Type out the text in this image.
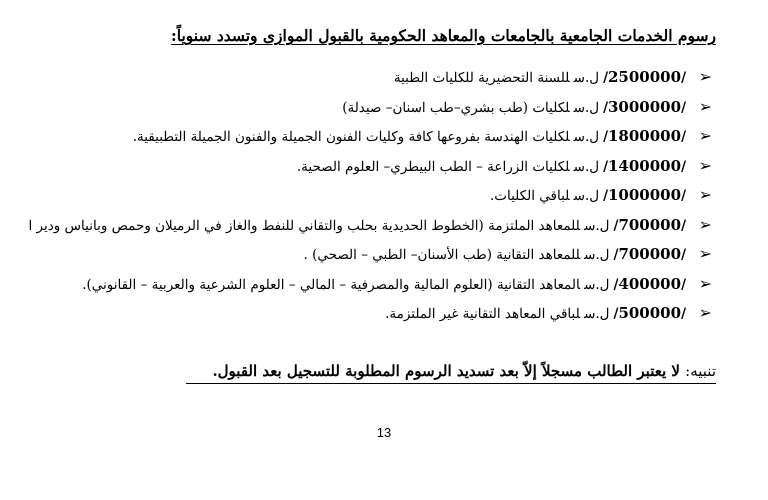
رسوم الخدمات الجامعية بالجامعات والمعاهد الحكومية بالقبول الموازى وتسدد سنوياً:
➢
/2500000/ل.سللسنة التحضيرية للكليات الطبية
➢
/3000000/ل.سلكليات (طب بشري–طب اسنان– صيدلة)
➢
/1800000/ل.سلكليات الهندسة بفروعها كافة وكليات الفنون الجميلة والفنون الجميلة التطبيقية.
➢
/1400000/ل.سلكليات الزراعة – الطب البيطري– العلوم الصحية.
➢
/1000000/ل.سلباقي الكليات.
➢
/700000/ل.سللمعاهد الملتزمة (الخطوط الحديدية بحلب والتقاني للنفط والغاز في الرميلان وحمص وبانياس ودير ا
➢
/700000/ل.سللمعاهد التقانية (طب الأسنان– الطبي – الصحي) .
➢
/400000/ل.سالمعاهد التقانية (العلوم المالية والمصرفية – المالي – العلوم الشرعية والعربية – القانوني).
➢
/500000/ل.سلباقي المعاهد التقانية غير الملتزمة.
تنبيه: لا يعتبر الطالب مسجلاً إلاّ بعد تسديد الرسوم المطلوبة للتسجيل بعد القبول.
13
